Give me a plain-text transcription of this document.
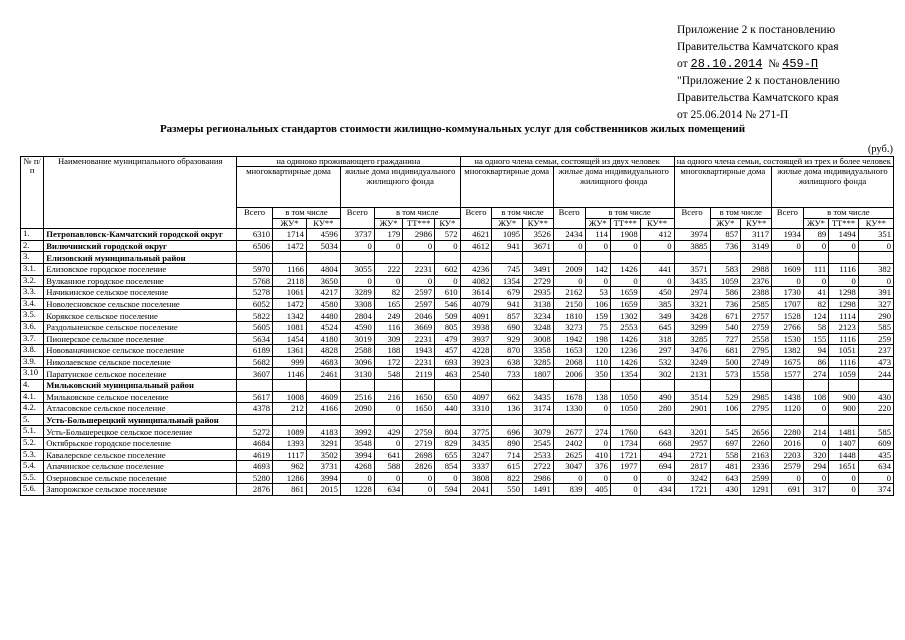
Приложение 2 к постановлению
Правительства Камчатского края
от 28.10.2014 № 459-П
"Приложение 2 к постановлению
Правительства Камчатского края
от 25.06.2014 № 271-П
Размеры региональных стандартов стоимости жилищно-коммунальных услуг для собственников жилых помещений
(руб.)
№ п/п	Наименование муниципального образования	на одиноко проживающего гражданина							на одного члена семьи, состоящей из двух человек							на одного члена семьи, состоящей из трех и более человек						
		многоквартирные дома			жилые дома индивидуального жилищного фонда				многоквартирные дома			жилые дома индивидуального жилищного фонда				многоквартирные дома			жилые дома индивидуального жилищного фонда			
		Всего	в том числе		Всего	в том числе			Всего	в том числе		Всего	в том числе			Всего	в том числе		Всего	в том числе		
			ЖУ*	КУ**		ЖУ*	ТТ***	КУ*		ЖУ*	КУ**		ЖУ*	ТТ***	КУ**		ЖУ*	КУ**		ЖУ*	ТТ***	КУ**
1.	Петропавловск-Камчатский городской округ	6310	1714	4596	3737	179	2986	572	4621	1095	3526	2434	114	1908	412	3974	857	3117	1934	89	1494	351
2.	Вилючинский городской округ	6506	1472	5034	0	0	0	0	4612	941	3671	0	0	0	0	3885	736	3149	0	0	0	0
3.	Елизовский муниципальный район																					
3.1.	Елизовское городское поселение	5970	1166	4804	3055	222	2231	602	4236	745	3491	2009	142	1426	441	3571	583	2988	1609	111	1116	382
3.2.	Вулканное городское поселение	5768	2118	3650	0	0	0	0	4082	1354	2729	0	0	0	0	3435	1059	2376	0	0	0	0
3.3.	Начикинское сельское поселение	5278	1061	4217	3289	82	2597	610	3614	679	2935	2162	53	1659	450	2974	586	2388	1730	41	1298	391
3.4.	Новолесновское сельское поселение	6052	1472	4580	3308	165	2597	546	4079	941	3138	2150	106	1659	385	3321	736	2585	1707	82	1298	327
3.5.	Корякское сельское поселение	5822	1342	4480	2804	249	2046	509	4091	857	3234	1810	159	1302	349	3428	671	2757	1528	124	1114	290
3.6.	Раздольненское сельское поселение	5605	1081	4524	4590	116	3669	805	3938	690	3248	3273	75	2553	645	3299	540	2759	2766	58	2123	585
3.7.	Пионерское сельское поселение	5634	1454	4180	3019	309	2231	479	3937	929	3008	1942	198	1426	318	3285	727	2558	1530	155	1116	259
3.8.	Новованачинское сельское поселение	6189	1361	4828	2588	188	1943	457	4228	870	3358	1653	120	1236	297	3476	681	2795	1382	94	1051	237
3.9.	Николаевское сельское поселение	5682	999	4683	3096	172	2231	693	3923	638	3285	2068	110	1426	532	3249	500	2749	1675	86	1116	473
3.10	Паратунское сельское поселение	3607	1146	2461	3130	548	2119	463	2540	733	1807	2006	350	1354	302	2131	573	1558	1577	274	1059	244
4.	Мильковский муниципальный район																					
4.1.	Мильковское сельское поселение	5617	1008	4609	2516	216	1650	650	4097	662	3435	1678	138	1050	490	3514	529	2985	1438	108	900	430
4.2.	Атласовское сельское поселение	4378	212	4166	2090	0	1650	440	3310	136	3174	1330	0	1050	280	2901	106	2795	1120	0	900	220
5.	Усть-Большерецкий муниципальный район																					
5.1.	Усть-Большерецкое сельское поселение	5272	1089	4183	3992	429	2759	804	3775	696	3079	2677	274	1760	643	3201	545	2656	2280	214	1481	585
5.2.	Октябрьское городское поселение	4684	1393	3291	3548	0	2719	829	3435	890	2545	2402	0	1734	668	2957	697	2260	2016	0	1407	609
5.3.	Кавалерское сельское поселение	4619	1117	3502	3994	641	2698	655	3247	714	2533	2625	410	1721	494	2721	558	2163	2203	320	1448	435
5.4.	Апачинское сельское поселение	4693	962	3731	4268	588	2826	854	3337	615	2722	3047	376	1977	694	2817	481	2336	2579	294	1651	634
5.5.	Озерновское сельское поселение	5280	1286	3994	0	0	0	0	3808	822	2986	0	0	0	0	3242	643	2599	0	0	0	0
5.6.	Запорожское сельское поселение	2876	861	2015	1228	634	0	594	2041	550	1491	839	405	0	434	1721	430	1291	691	317	0	374
